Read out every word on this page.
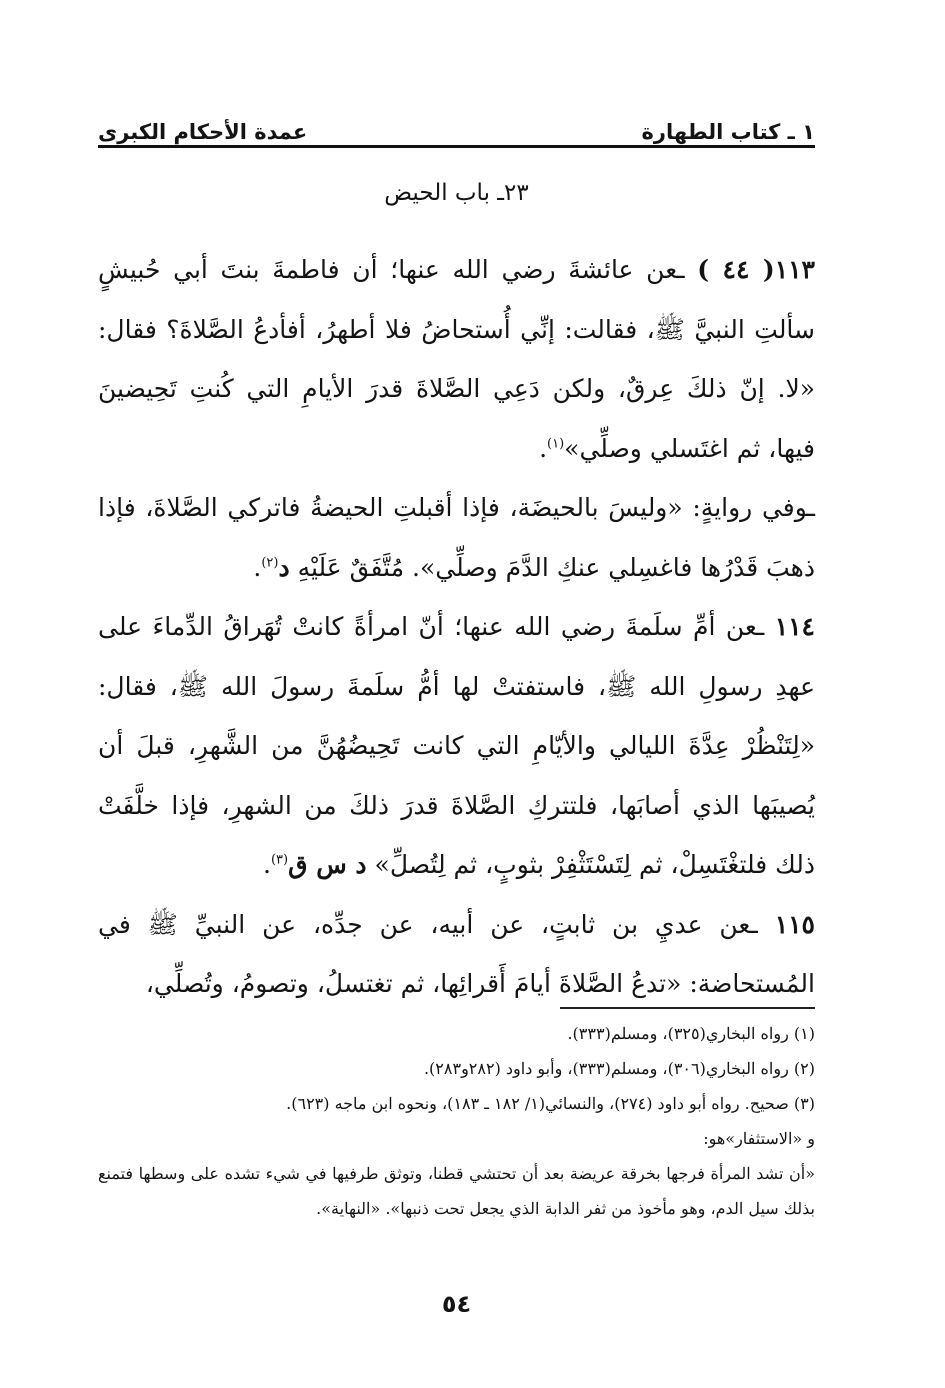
١ ـ كتاب الطهارة
عمدة الأحكام الكبرى
٢٣ـ باب الحيض

١١٣( ٤٤ ) ـعن عائشةَ رضي الله عنها؛ أن فاطمةَ بنتَ أبي حُبيشٍ سألتِ النبيَّ ﷺ، فقالت: إنِّي أُستحاضُ فلا أطهرُ، أفأدعُ الصَّلاةَ؟ فقال: «لا. إنّ ذلكَ عِرقٌ، ولكن دَعِي الصَّلاةَ قدرَ الأيامِ التي كُنتِ تَحِيضينَ فيها، ثم اغتَسلي وصلِّي»$^{(١)}$.

ـوفي روايةٍ: «وليسَ بالحيضَة، فإذا أقبلتِ الحيضةُ فاتركي الصَّلاةَ، فإذا ذهبَ قَدْرُها فاغسِلي عنكِ الدَّمَ وصلِّي». مُتَّفَقٌ عَلَيْهِ د$^{(٢)}$.

١١٤ ـعن أمِّ سلَمةَ رضي الله عنها؛ أنّ امرأةً كانتْ تُهَراقُ الدِّماءَ على عهدِ رسولِ الله ﷺ، فاستفتتْ لها أمُّ سلَمةَ رسولَ الله ﷺ، فقال: «لِتَنْظُرْ عِدَّةَ الليالي والأيّامِ التي كانت تَحِيضُهُنَّ من الشَّهرِ، قبلَ أن يُصيبَها الذي أصابَها، فلتتركِ الصَّلاةَ قدرَ ذلكَ من الشهرِ، فإذا خلَّفَتْ ذلك فلتغْتَسِلْ، ثم لِتَسْتَثْفِرْ بثوبٍ، ثم لِتُصلِّ» د س ق$^{(٣)}$.

١١٥ ـعن عديِ بن ثابتٍ، عن أبيه، عن جدِّه، عن النبيِّ ﷺ في المُستحاضة: «تدعُ الصَّلاةَ أيامَ أَقرائِها، ثم تغتسلُ، وتصومُ، وتُصلِّي،

(١) رواه البخاري(٣٢٥)، ومسلم(٣٣٣).

(٢) رواه البخاري(٣٠٦)، ومسلم(٣٣٣)، وأبو داود (٢٨٢و٢٨٣).

(٣) صحيح. رواه أبو داود (٢٧٤)، والنسائي(١/ ١٨٢ ـ ١٨٣)، ونحوه ابن ماجه (٦٢٣).

و «الاستثفار»هو:

«أن تشد المرأة فرجها بخرقة عريضة بعد أن تحتشي قطنا، وتوثق طرفيها في شيء تشده على وسطها فتمنع بذلك سيل الدم، وهو مأخوذ من ثفر الدابة الذي يجعل تحت ذنبها». «النهاية».

٥٤
